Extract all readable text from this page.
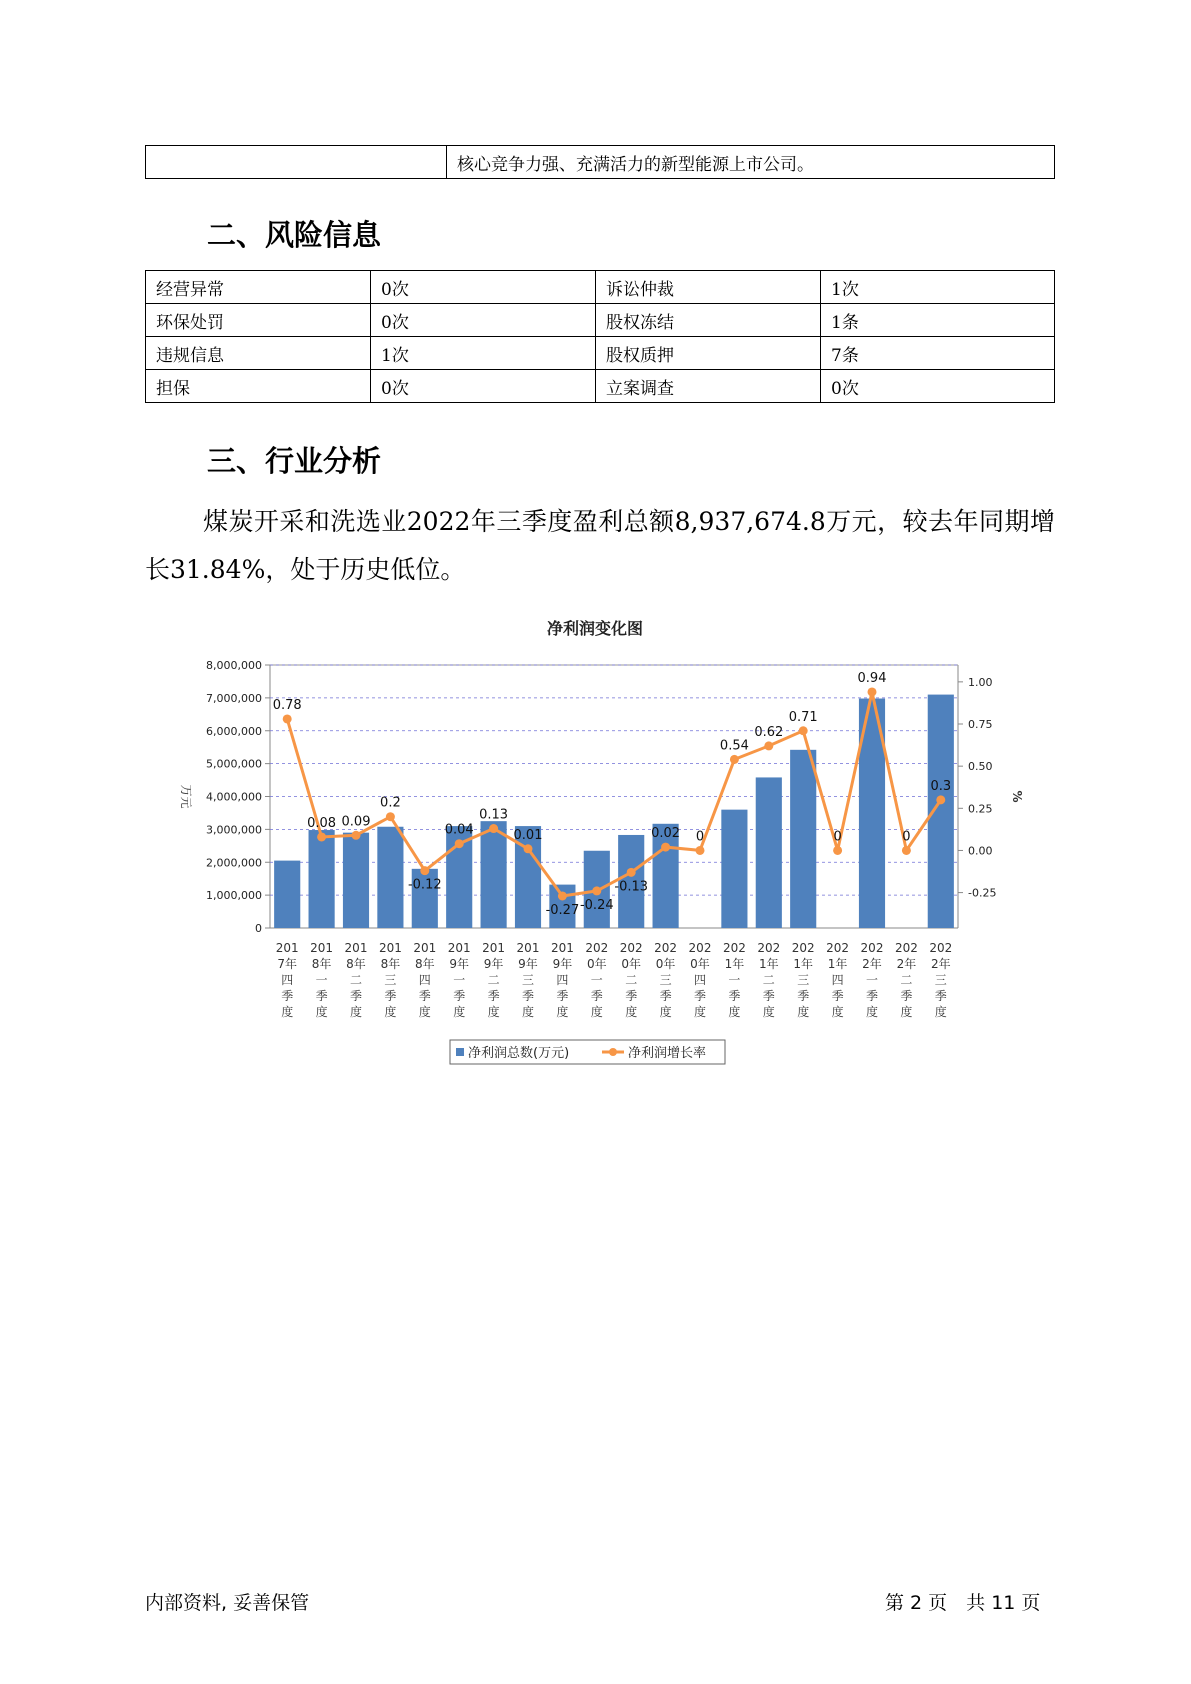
	核心竞争力强、充满活力的新型能源上市公司。
二、风险信息
经营异常	0次	诉讼仲裁	1次
环保处罚	0次	股权冻结	1条
违规信息	1次	股权质押	7条
担保	0次	立案调查	0次
三、行业分析
煤炭开采和洗选业2022年三季度盈利总额8,937,674.8万元，较去年同期增长31.84%，处于历史低位。
净利润变化图
0
1,000,000
2,000,000
3,000,000
4,000,000
5,000,000
6,000,000
7,000,000
8,000,000
-0.25
0.00
0.25
0.50
0.75
1.00
万元	%
0.78
0.08 0.09
0.2
-0.12
0.04
0.13
0.01
-0.27 -0.24
-0.13
0.02 0
0.54
0.62
0.71
0
0.94
0
0.3
201
7年
四
季
度
201
8年
一
季
度
201
8年
二
季
度
201
8年
三
季
度
201
8年
四
季
度
201
9年
一
季
度
201
9年
二
季
度
201
9年
三
季
度
201
9年
四
季
度
202
0年
一
季
度
202
0年
二
季
度
202
0年
三
季
度
202
0年
四
季
度
202
1年
一
季
度
202
1年
二
季
度
202
1年
三
季
度
202
1年
四
季
度
202
2年
一
季
度
202
2年
二
季
度
202
2年
三
季
度
净利润总数(万元)	净利润增长率
内部资料, 妥善保管	第 2 页　共 11 页
